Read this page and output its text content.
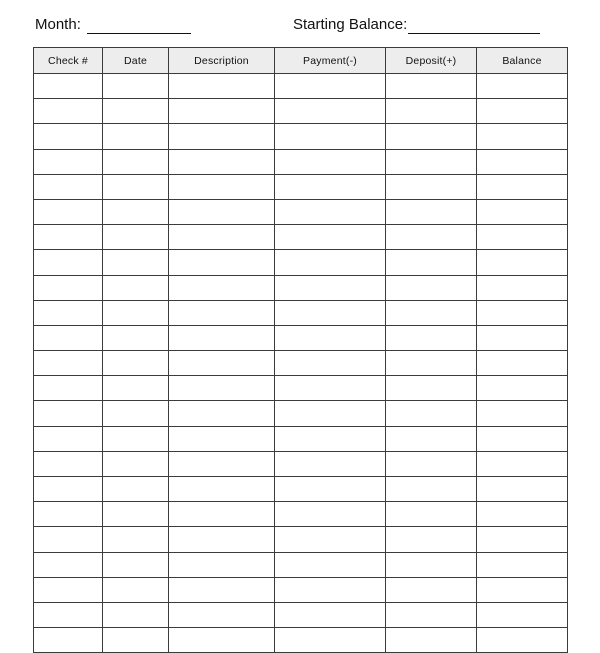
Month:	Starting Balance:
Check #	Date	Description	Payment(-)	Deposit(+)	Balance
